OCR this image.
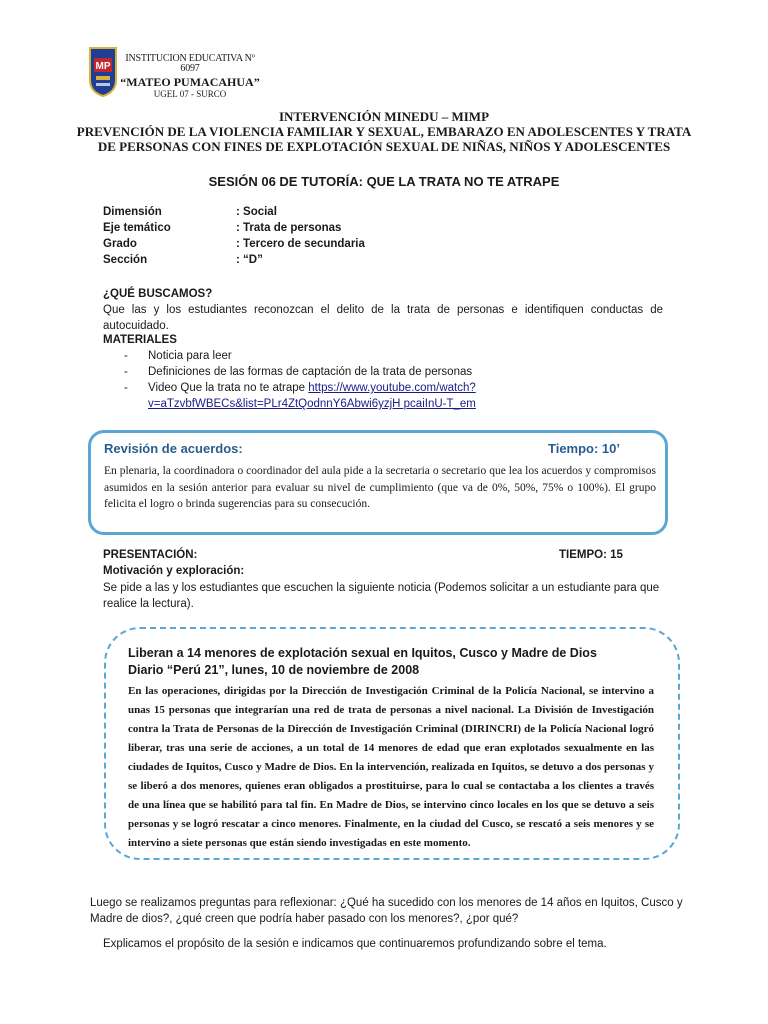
MP
INSTITUCION EDUCATIVA Nº 6097
“MATEO PUMACAHUA”
UGEL 07 - SURCO
INTERVENCIÓN MINEDU – MIMP
PREVENCIÓN DE LA VIOLENCIA FAMILIAR Y SEXUAL, EMBARAZO EN ADOLESCENTES Y TRATA
DE PERSONAS CON FINES DE EXPLOTACIÓN SEXUAL DE NIÑAS, NIÑOS Y ADOLESCENTES
SESIÓN 06 DE TUTORÍA: QUE LA TRATA NO TE ATRAPE
Dimensión	: Social
Eje temático	: Trata de personas
Grado	: Tercero de secundaria
Sección	: “D”
¿QUÉ BUSCAMOS?
Que las y los estudiantes reconozcan el delito de la trata de personas e identifiquen conductas de
autocuidado.
MATERIALES
- Noticia para leer
- Definiciones de las formas de captación de la trata de personas
- Video Que la trata no te atrape https://www.youtube.com/watch?
v=aTzvbfWBECs&list=PLr4ZtQodnnY6Abwi6yzjH pcaiInU-T_em
Revisión de acuerdos:	Tiempo: 10’
En plenaria, la coordinadora o coordinador del aula pide a la secretaria o secretario que lea los acuerdos y compromisos asumidos en la sesión anterior para evaluar su nivel de cumplimiento (que va de 0%, 50%, 75% o 100%). El grupo felicita el logro o brinda sugerencias para su consecución.
PRESENTACIÓN:	TIEMPO: 15
Motivación y exploración:
Se pide a las y los estudiantes que escuchen la siguiente noticia (Podemos solicitar a un estudiante para que
realice la lectura).
Liberan a 14 menores de explotación sexual en Iquitos, Cusco y Madre de Dios
Diario “Perú 21”, lunes, 10 de noviembre de 2008
En las operaciones, dirigidas por la Dirección de Investigación Criminal de la Policía Nacional, se intervino a unas 15 personas que integrarían una red de trata de personas a nivel nacional. La División de Investigación contra la Trata de Personas de la Dirección de Investigación Criminal (DIRINCRI) de la Policía Nacional logró liberar, tras una serie de acciones, a un total de 14 menores de edad que eran explotados sexualmente en las ciudades de Iquitos, Cusco y Madre de Dios. En la intervención, realizada en Iquitos, se detuvo a dos personas y se liberó a dos menores, quienes eran obligados a prostituirse, para lo cual se contactaba a los clientes a través de una línea que se habilitó para tal fin. En Madre de Dios, se intervino cinco locales en los que se detuvo a seis personas y se logró rescatar a cinco menores. Finalmente, en la ciudad del Cusco, se rescató a seis menores y se intervino a siete personas que están siendo investigadas en este momento.
Luego se realizamos preguntas para reflexionar: ¿Qué ha sucedido con los menores de 14 años en Iquitos, Cusco y
Madre de dios?, ¿qué creen que podría haber pasado con los menores?, ¿por qué?
Explicamos el propósito de la sesión e indicamos que continuaremos profundizando sobre el tema.
